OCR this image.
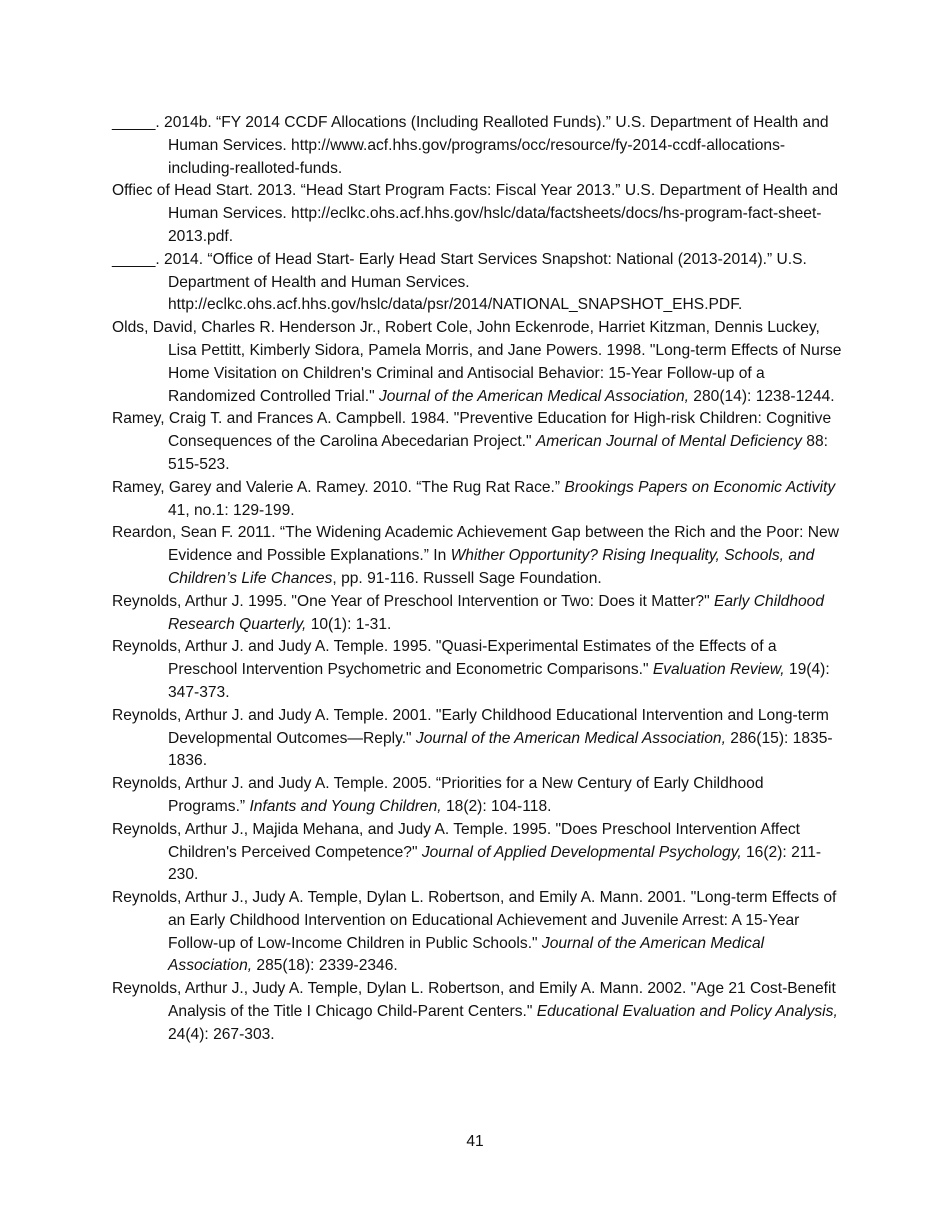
_____. 2014b. “FY 2014 CCDF Allocations (Including Realloted Funds).” U.S. Department of Health and Human Services. http://www.acf.hhs.gov/programs/occ/resource/fy-2014-ccdf-allocations-including-realloted-funds.

Offiec of Head Start. 2013. “Head Start Program Facts: Fiscal Year 2013.” U.S. Department of Health and Human Services. http://eclkc.ohs.acf.hhs.gov/hslc/data/factsheets/docs/hs-program-fact-sheet-2013.pdf.

_____. 2014. “Office of Head Start- Early Head Start Services Snapshot: National (2013-2014).” U.S. Department of Health and Human Services.
http://eclkc.ohs.acf.hhs.gov/hslc/data/psr/2014/NATIONAL_SNAPSHOT_EHS.PDF.

Olds, David, Charles R. Henderson Jr., Robert Cole, John Eckenrode, Harriet Kitzman, Dennis Luckey, Lisa Pettitt, Kimberly Sidora, Pamela Morris, and Jane Powers. 1998. "Long-term Effects of Nurse Home Visitation on Children's Criminal and Antisocial Behavior: 15-Year Follow-up of a Randomized Controlled Trial." Journal of the American Medical Association, 280(14): 1238-1244.

Ramey, Craig T. and Frances A. Campbell. 1984. "Preventive Education for High-risk Children: Cognitive Consequences of the Carolina Abecedarian Project." American Journal of Mental Deficiency 88: 515-523.

Ramey, Garey and Valerie A. Ramey. 2010. “The Rug Rat Race.” Brookings Papers on Economic Activity 41, no.1: 129-199.

Reardon, Sean F. 2011. “The Widening Academic Achievement Gap between the Rich and the Poor: New Evidence and Possible Explanations.” In Whither Opportunity? Rising Inequality, Schools, and Children’s Life Chances, pp. 91-116. Russell Sage Foundation.

Reynolds, Arthur J. 1995. "One Year of Preschool Intervention or Two: Does it Matter?" Early Childhood Research Quarterly, 10(1): 1-31.

Reynolds, Arthur J. and Judy A. Temple. 1995. "Quasi-Experimental Estimates of the Effects of a Preschool Intervention Psychometric and Econometric Comparisons." Evaluation Review, 19(4): 347-373.

Reynolds, Arthur J. and Judy A. Temple. 2001. "Early Childhood Educational Intervention and Long-term Developmental Outcomes—Reply." Journal of the American Medical Association, 286(15): 1835-1836.

Reynolds, Arthur J. and Judy A. Temple. 2005. “Priorities for a New Century of Early Childhood Programs.” Infants and Young Children, 18(2): 104-118.

Reynolds, Arthur J., Majida Mehana, and Judy A. Temple. 1995. "Does Preschool Intervention Affect Children's Perceived Competence?" Journal of Applied Developmental Psychology, 16(2): 211-230.

Reynolds, Arthur J., Judy A. Temple, Dylan L. Robertson, and Emily A. Mann. 2001. "Long-term Effects of an Early Childhood Intervention on Educational Achievement and Juvenile Arrest: A 15-Year Follow-up of Low-Income Children in Public Schools." Journal of the American Medical Association, 285(18): 2339-2346.

Reynolds, Arthur J., Judy A. Temple, Dylan L. Robertson, and Emily A. Mann. 2002. "Age 21 Cost-Benefit Analysis of the Title I Chicago Child-Parent Centers." Educational Evaluation and Policy Analysis, 24(4): 267-303.

41
